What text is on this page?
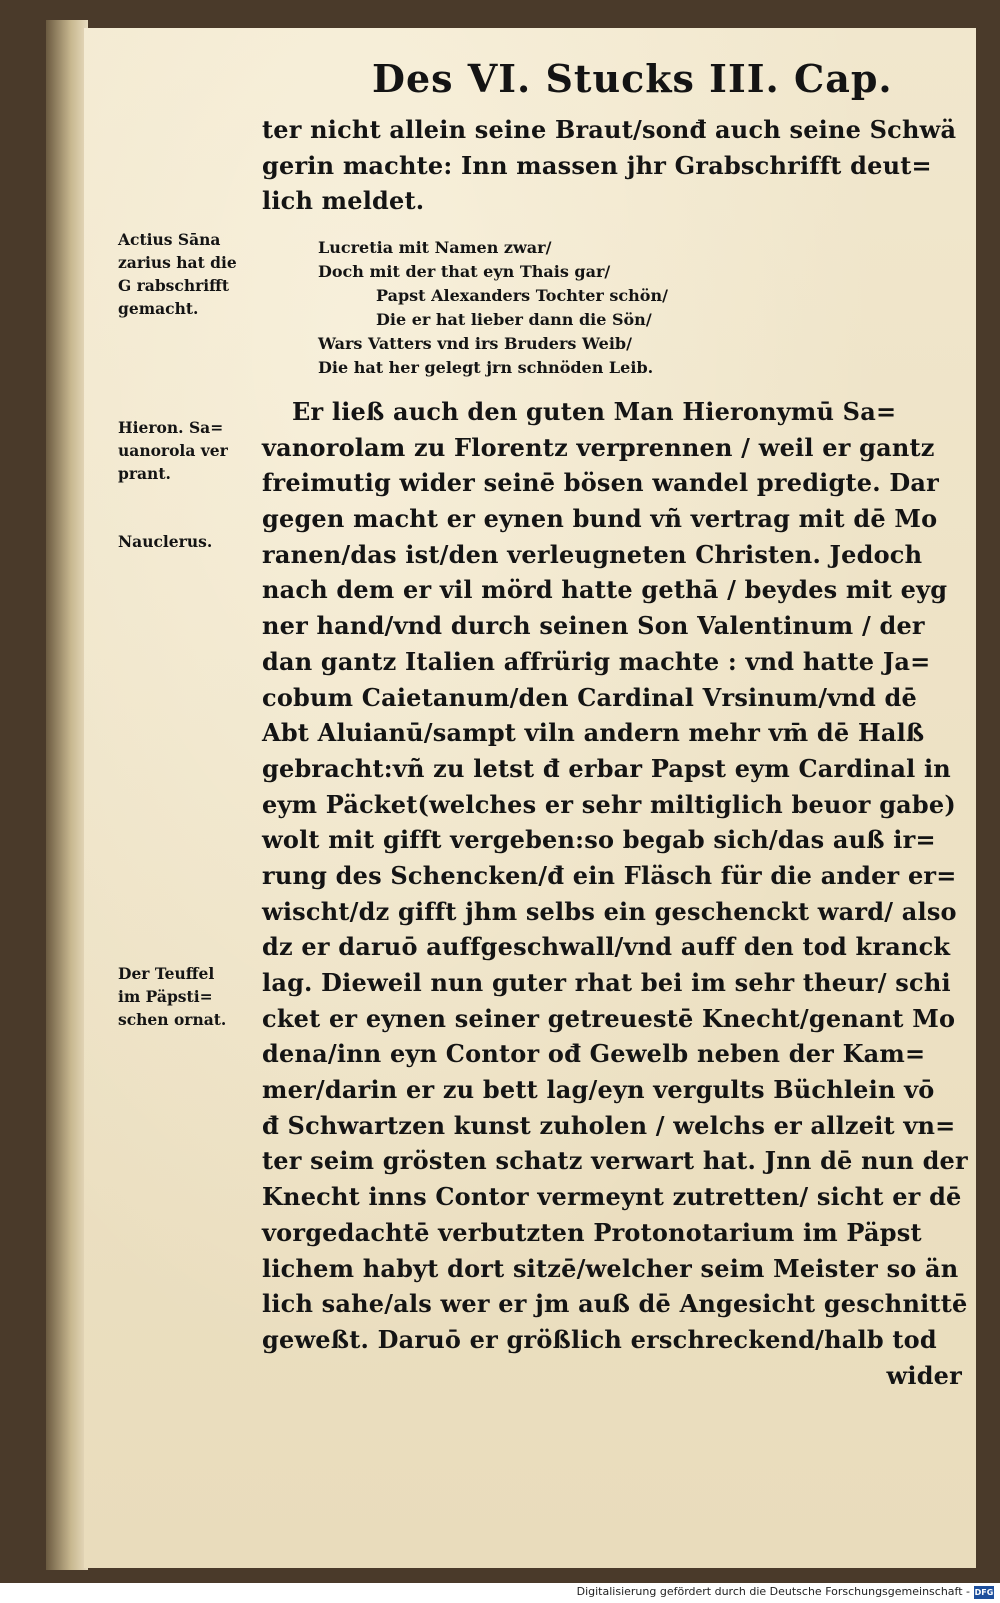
Des VI. Stucks III. Cap.
ter nicht allein seine Braut/sonđ auch seine Schwä
gerin machte: Inn massen jhr Grabschrifft deut=
lich meldet.
Lucretia mit Namen zwar/
Doch mit der that eyn Thais gar/
Papst Alexanders Tochter schön/
Die er hat lieber dann die Sön/
Wars Vatters vnd irs Bruders Weib/
Die hat her gelegt jrn schnöden Leib.
Er ließ auch den guten Man Hieronymū Sa=
vanorolam zu Florentz verprennen / weil er gantz
freimutig wider seinē bösen wandel predigte. Dar
gegen macht er eynen bund vñ vertrag mit dē Mo
ranen/das ist/den verleugneten Christen. Jedoch
nach dem er vil mörd hatte gethā / beydes mit eyg
ner hand/vnd durch seinen Son Valentinum / der
dan gantz Italien affrürig machte : vnd hatte Ja=
cobum Caietanum/den Cardinal Vrsinum/vnd dē
Abt Aluianū/sampt viln andern mehr vm̄ dē Halß
gebracht:vñ zu letst đ erbar Papst eym Cardinal in
eym Päcket(welches er sehr miltiglich beuor gabe)
wolt mit gifft vergeben:so begab sich/das auß ir=
rung des Schencken/đ ein Fläsch für die ander er=
wischt/dz gifft jhm selbs ein geschenckt ward/ also
dz er daruō auffgeschwall/vnd auff den tod kranck
lag. Dieweil nun guter rhat bei im sehr theur/ schi
cket er eynen seiner getreuestē Knecht/genant Mo
dena/inn eyn Contor ođ Gewelb neben der Kam=
mer/darin er zu bett lag/eyn vergults Büchlein vō
đ Schwartzen kunst zuholen / welchs er allzeit vn=
ter seim grösten schatz verwart hat. Jnn dē nun der
Knecht inns Contor vermeynt zutretten/ sicht er dē
vorgedachtē verbutzten Protonotarium im Päpst
lichem habyt dort sitzē/welcher seim Meister so än
lich sahe/als wer er jm auß dē Angesicht geschnittē
geweßt. Daruō er größlich erschreckend/halb tod
wider
Actius Sāna
zarius hat die
G rabschrifft
gemacht.
Hieron. Sa=
uanorola ver
prant.
Nauclerus.
Der Teuffel
im Päpsti=
schen ornat.
Digitalisierung gefördert durch die Deutsche Forschungsgemeinschaft - DFG
